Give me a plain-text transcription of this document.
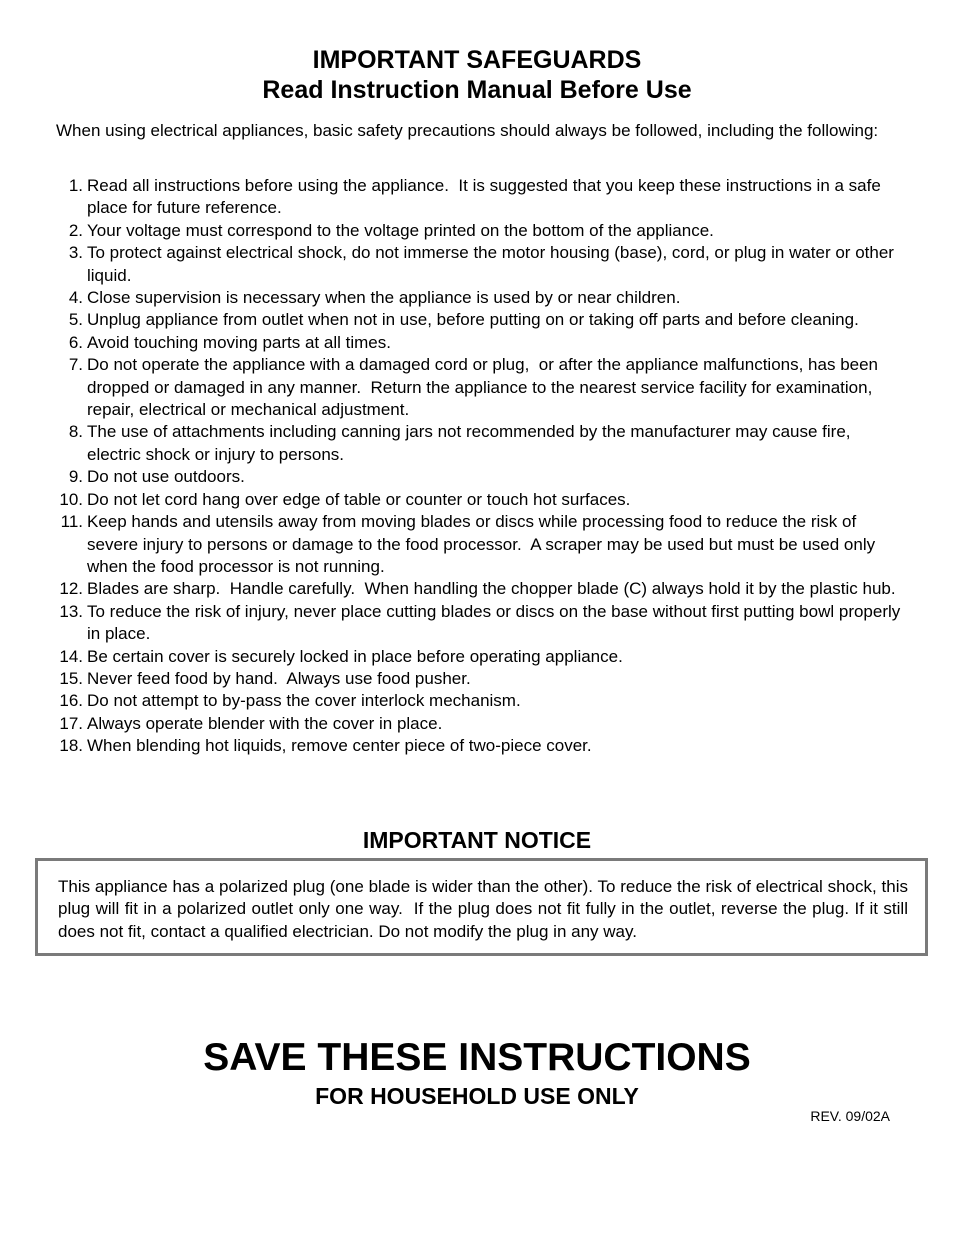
IMPORTANT SAFEGUARDS
Read Instruction Manual Before Use

When using electrical appliances, basic safety precautions should always be followed, including the following:

1. Read all instructions before using the appliance.  It is suggested that you keep these instructions in a safe place for future reference.
2. Your voltage must correspond to the voltage printed on the bottom of the appliance.
3. To protect against electrical shock, do not immerse the motor housing (base), cord, or plug in water or other liquid.
4. Close supervision is necessary when the appliance is used by or near children.
5. Unplug appliance from outlet when not in use, before putting on or taking off parts and before cleaning.
6. Avoid touching moving parts at all times.
7. Do not operate the appliance with a damaged cord or plug,  or after the appliance malfunctions, has been dropped or damaged in any manner.  Return the appliance to the nearest service facility for examination, repair, electrical or mechanical adjustment.
8. The use of attachments including canning jars not recommended by the manufacturer may cause fire, electric shock or injury to persons.
9. Do not use outdoors.
10. Do not let cord hang over edge of table or counter or touch hot surfaces.
11. Keep hands and utensils away from moving blades or discs while processing food to reduce the risk of severe injury to persons or damage to the food processor.  A scraper may be used but must be used only when the food processor is not running.
12. Blades are sharp.  Handle carefully.  When handling the chopper blade (C) always hold it by the plastic hub.
13. To reduce the risk of injury, never place cutting blades or discs on the base without first putting bowl properly in place.
14. Be certain cover is securely locked in place before operating appliance.
15. Never feed food by hand.  Always use food pusher.
16. Do not attempt to by-pass the cover interlock mechanism.
17. Always operate blender with the cover in place.
18. When blending hot liquids, remove center piece of two-piece cover.
IMPORTANT NOTICE

This appliance has a polarized plug (one blade is wider than the other). To reduce the risk of electrical shock, this plug will fit in a polarized outlet only one way.  If the plug does not fit fully in the outlet, reverse the plug. If it still does not fit, contact a qualified electrician. Do not modify the plug in any way.

SAVE THESE INSTRUCTIONS
FOR HOUSEHOLD USE ONLY
REV. 09/02A
